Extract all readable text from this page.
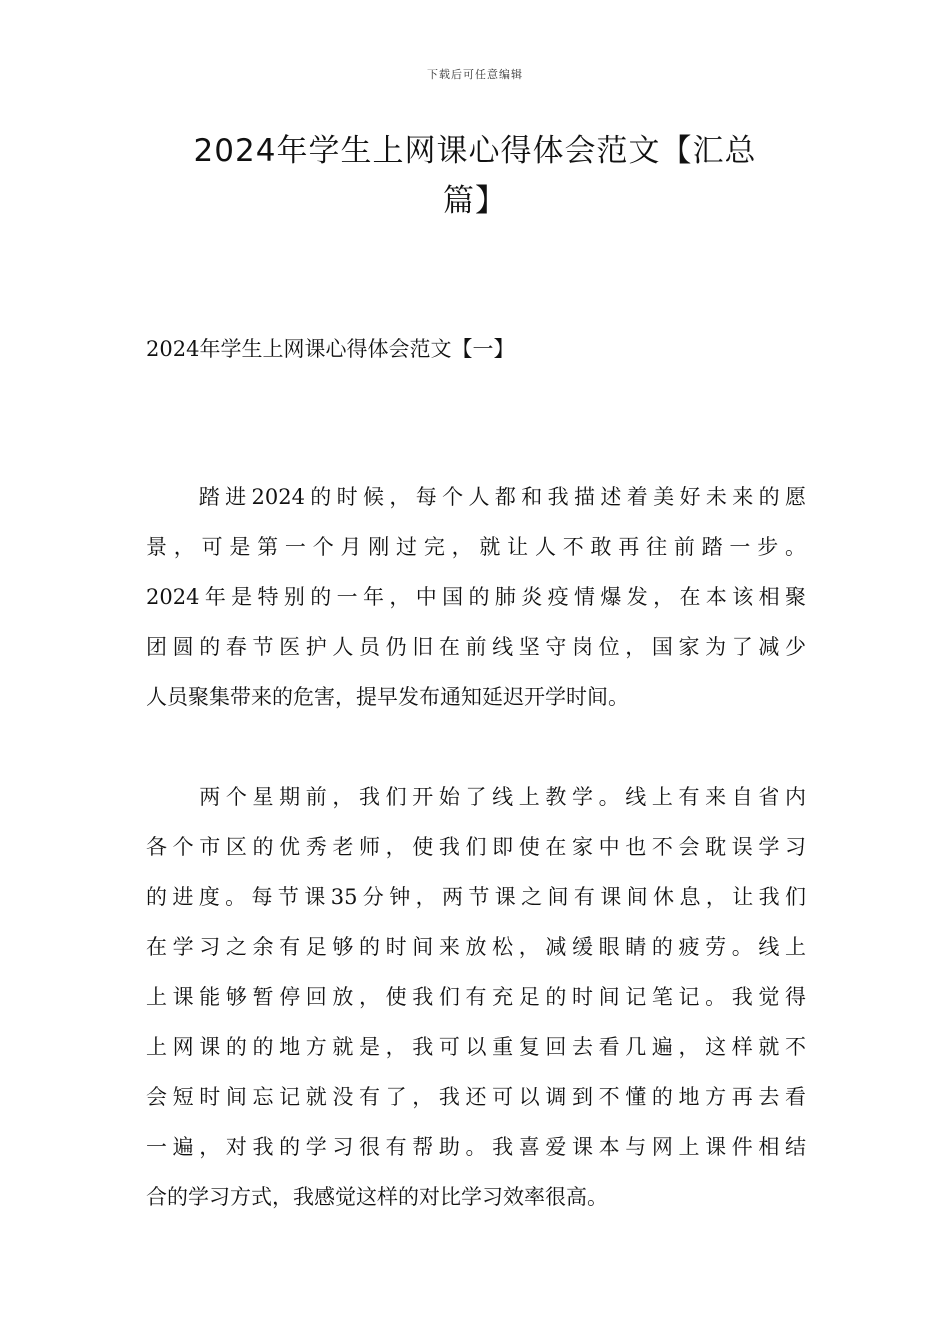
下载后可任意编辑
2024年学生上网课心得体会范文【汇总
篇】
2024年学生上网课心得体会范文【一】
　　踏进2024的时候，每个人都和我描述着美好未来的愿
景，可是第一个月刚过完，就让人不敢再往前踏一步。
2024年是特别的一年，中国的肺炎疫情爆发，在本该相聚
团圆的春节医护人员仍旧在前线坚守岗位，国家为了减少
人员聚集带来的危害，提早发布通知延迟开学时间。
　　两个星期前，我们开始了线上教学。线上有来自省内
各个市区的优秀老师，使我们即使在家中也不会耽误学习
的进度。每节课35分钟，两节课之间有课间休息，让我们
在学习之余有足够的时间来放松，减缓眼睛的疲劳。线上
上课能够暂停回放，使我们有充足的时间记笔记。我觉得
上网课的的地方就是，我可以重复回去看几遍，这样就不
会短时间忘记就没有了，我还可以调到不懂的地方再去看
一遍，对我的学习很有帮助。我喜爱课本与网上课件相结
合的学习方式，我感觉这样的对比学习效率很高。
